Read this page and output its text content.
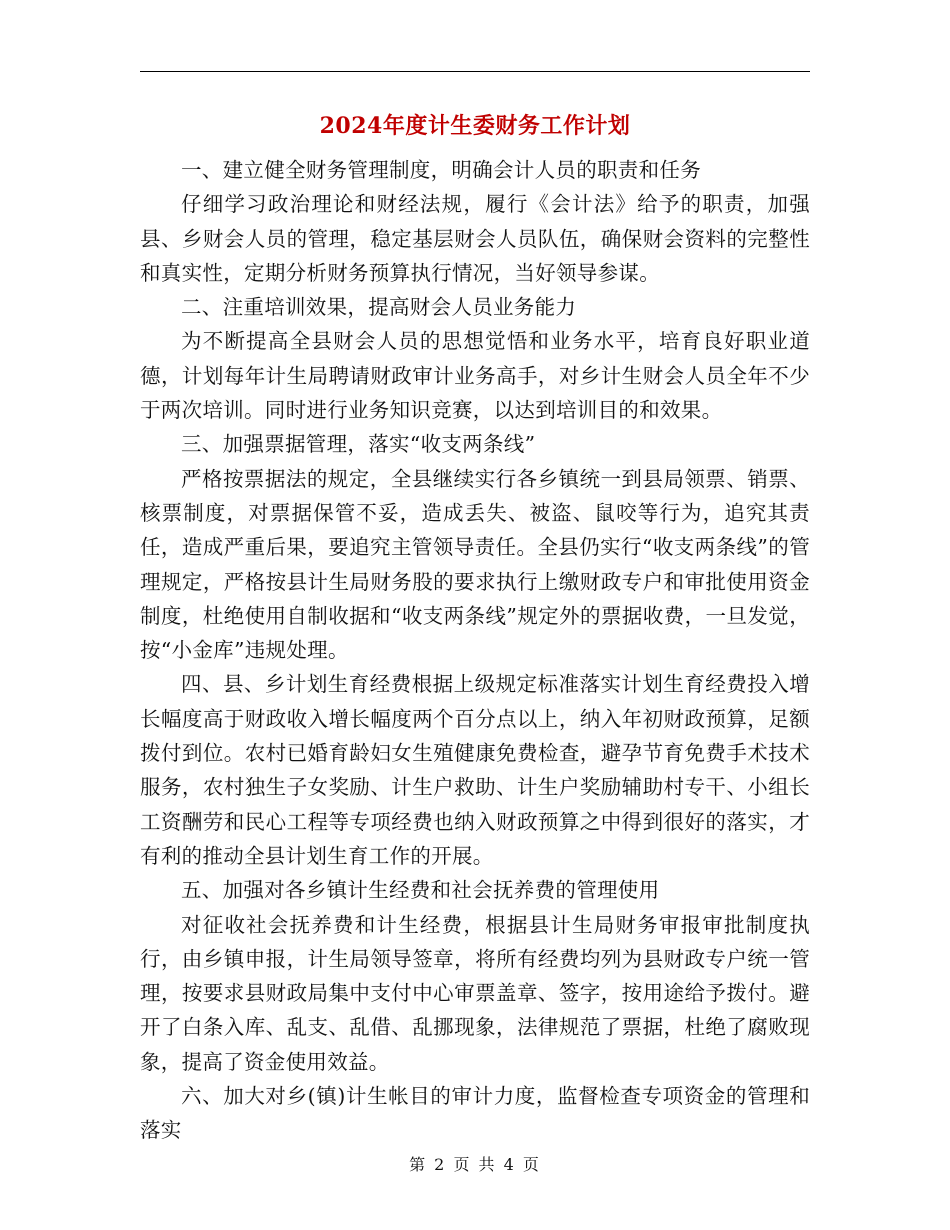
2024年度计生委财务工作计划

一、建立健全财务管理制度，明确会计人员的职责和任务

仔细学习政治理论和财经法规，履行《会计法》给予的职责，加强县、乡财会人员的管理，稳定基层财会人员队伍，确保财会资料的完整性和真实性，定期分析财务预算执行情况，当好领导参谋。

二、注重培训效果，提高财会人员业务能力

为不断提高全县财会人员的思想觉悟和业务水平，培育良好职业道德，计划每年计生局聘请财政审计业务高手，对乡计生财会人员全年不少于两次培训。同时进行业务知识竞赛，以达到培训目的和效果。

三、加强票据管理，落实“收支两条线”

严格按票据法的规定，全县继续实行各乡镇统一到县局领票、销票、核票制度，对票据保管不妥，造成丢失、被盗、鼠咬等行为，追究其责任，造成严重后果，要追究主管领导责任。全县仍实行“收支两条线”的管理规定，严格按县计生局财务股的要求执行上缴财政专户和审批使用资金制度，杜绝使用自制收据和“收支两条线”规定外的票据收费，一旦发觉，按“小金库”违规处理。

四、县、乡计划生育经费根据上级规定标准落实计划生育经费投入增长幅度高于财政收入增长幅度两个百分点以上，纳入年初财政预算，足额拨付到位。农村已婚育龄妇女生殖健康免费检查，避孕节育免费手术技术服务，农村独生子女奖励、计生户救助、计生户奖励辅助村专干、小组长工资酬劳和民心工程等专项经费也纳入财政预算之中得到很好的落实，才有利的推动全县计划生育工作的开展。

五、加强对各乡镇计生经费和社会抚养费的管理使用

对征收社会抚养费和计生经费，根据县计生局财务审报审批制度执行，由乡镇申报，计生局领导签章，将所有经费均列为县财政专户统一管理，按要求县财政局集中支付中心审票盖章、签字，按用途给予拨付。避开了白条入库、乱支、乱借、乱挪现象，法律规范了票据，杜绝了腐败现象，提高了资金使用效益。

六、加大对乡(镇)计生帐目的审计力度，监督检查专项资金的管理和落实

第 2 页 共 4 页
